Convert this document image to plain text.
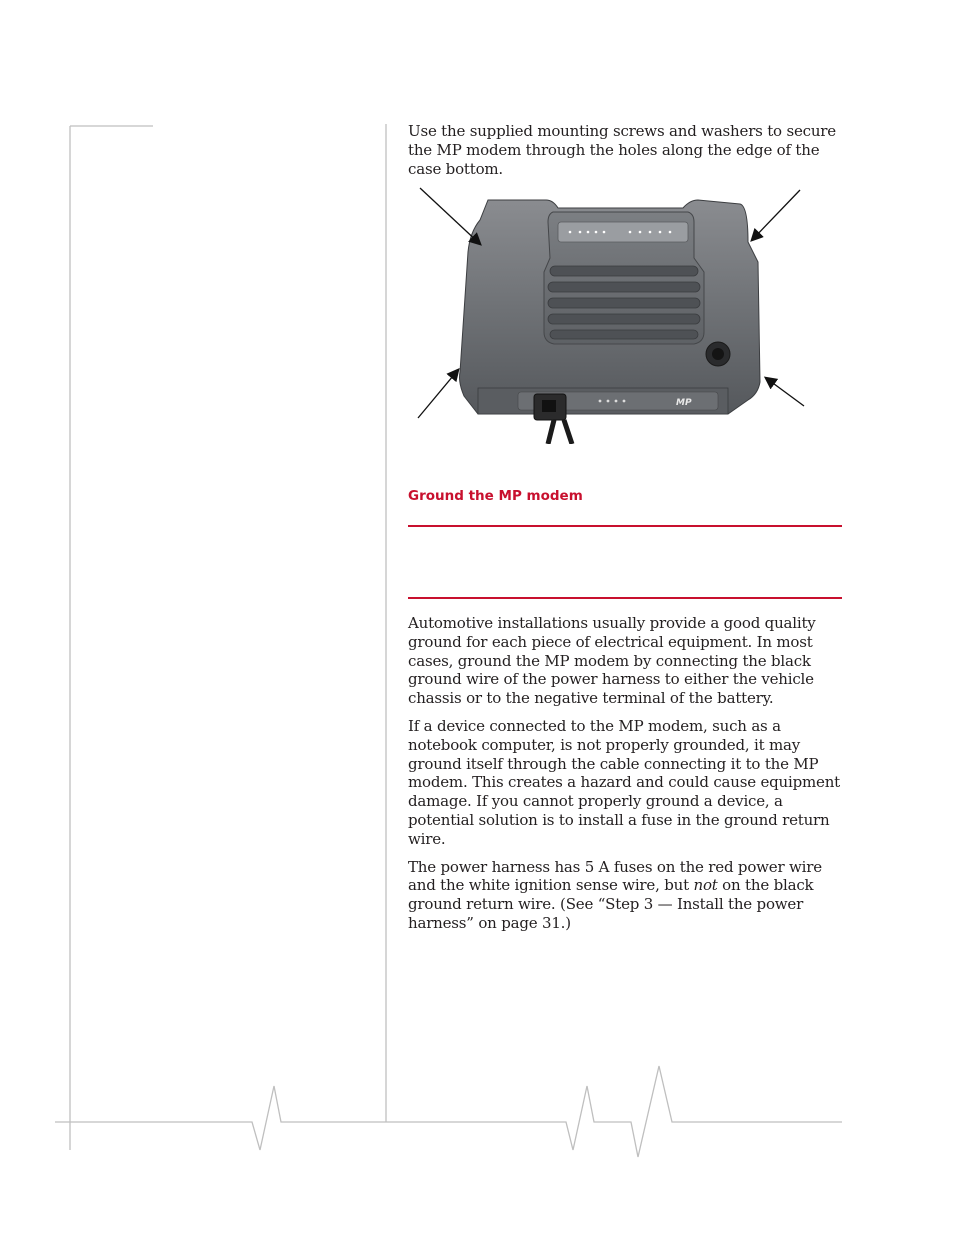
Use the supplied mounting screws and washers to secure the MP modem through the holes along the edge of the case bottom.

MP
Ground the MP modem

Automotive installations usually provide a good quality ground for each piece of electrical equipment. In most cases, ground the MP modem by connecting the black ground wire of the power harness to either the vehicle chassis or to the negative terminal of the battery.

If a device connected to the MP modem, such as a notebook computer, is not properly grounded, it may ground itself through the cable connecting it to the MP modem. This creates a hazard and could cause equipment damage. If you cannot properly ground a device, a potential solution is to install a fuse in the ground return wire.

The power harness has 5 A fuses on the red power wire and the white ignition sense wire, but not on the black ground return wire. (See “Step 3 — Install the power harness” on page 31.)
